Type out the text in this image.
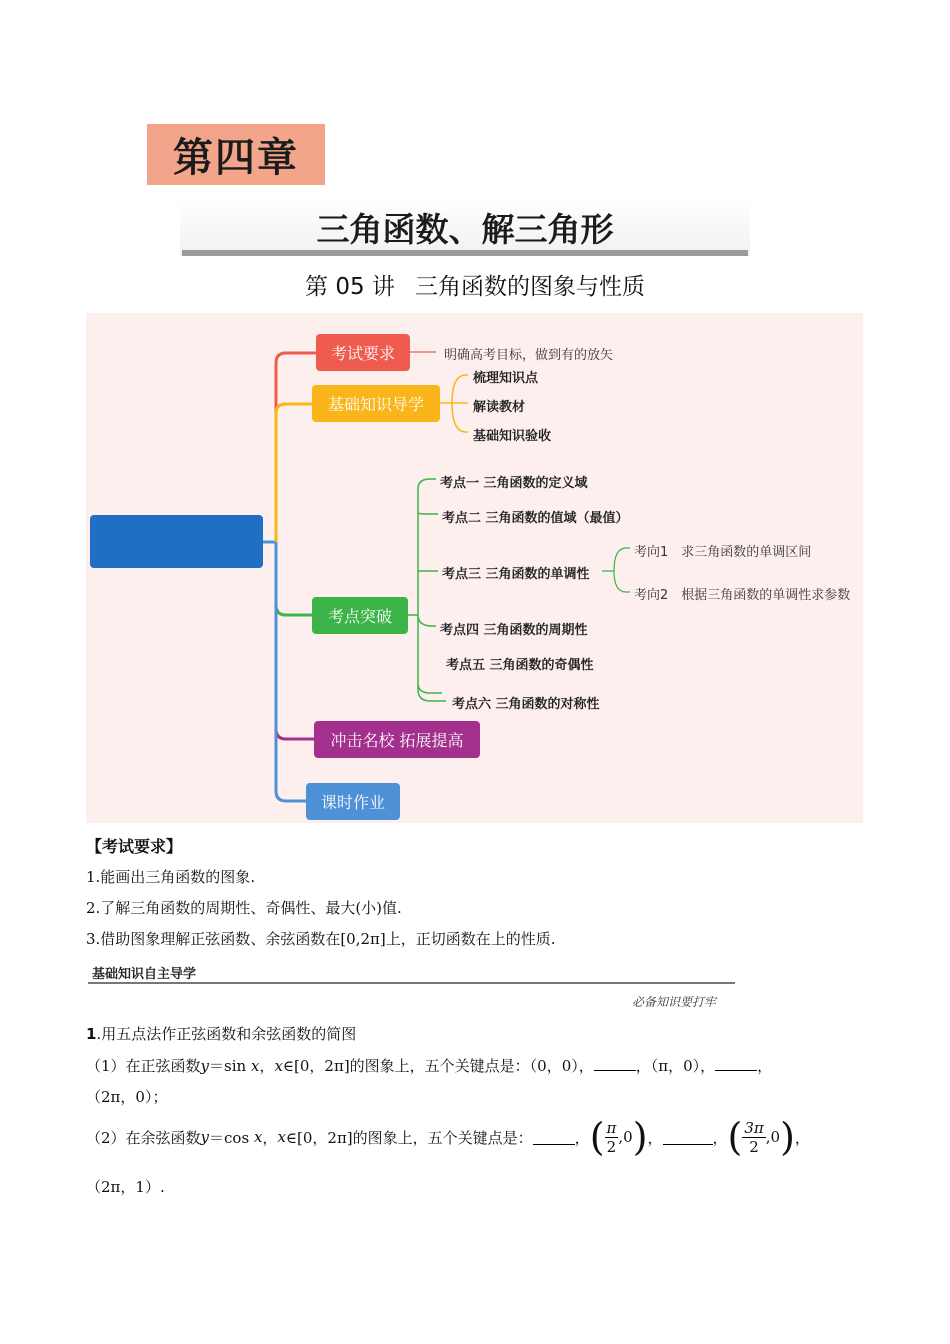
第四章
三角函数、解三角形
第 05 讲 三角函数的图象与性质
考试要求	明确高考目标，做到有的放矢
基础知识导学
梳理知识点
解读教材
基础知识验收
考点突破
考点一 三角函数的定义域
考点二 三角函数的值域（最值）
考点三 三角函数的单调性
考点四 三角函数的周期性
考点五 三角函数的奇偶性
考点六 三角函数的对称性
考向1　求三角函数的单调区间
考向2　根据三角函数的单调性求参数
冲击名校 拓展提高
课时作业
【考试要求】
1.能画出三角函数的图象.
2.了解三角函数的周期性、奇偶性、最大(小)值.
3.借助图象理解正弦函数、余弦函数在[0,2π]上，正切函数在上的性质.
基础知识自主导学
必备知识要打牢
1.用五点法作正弦函数和余弦函数的简图
（1）在正弦函数y＝sin x，x∈[0，2π]的图象上，五个关键点是：（0，0），	，（π，0），	，
（2π，0）；
（2）在余弦函数 y ＝cos
x ， x ∈[0，2π]的图象上，五个关键点是：	， ( $\frac{\pi}{2} ,0$ ) ，	， ( $\frac{3\pi}{2} ,0$ ) ，
（2π，1）.
